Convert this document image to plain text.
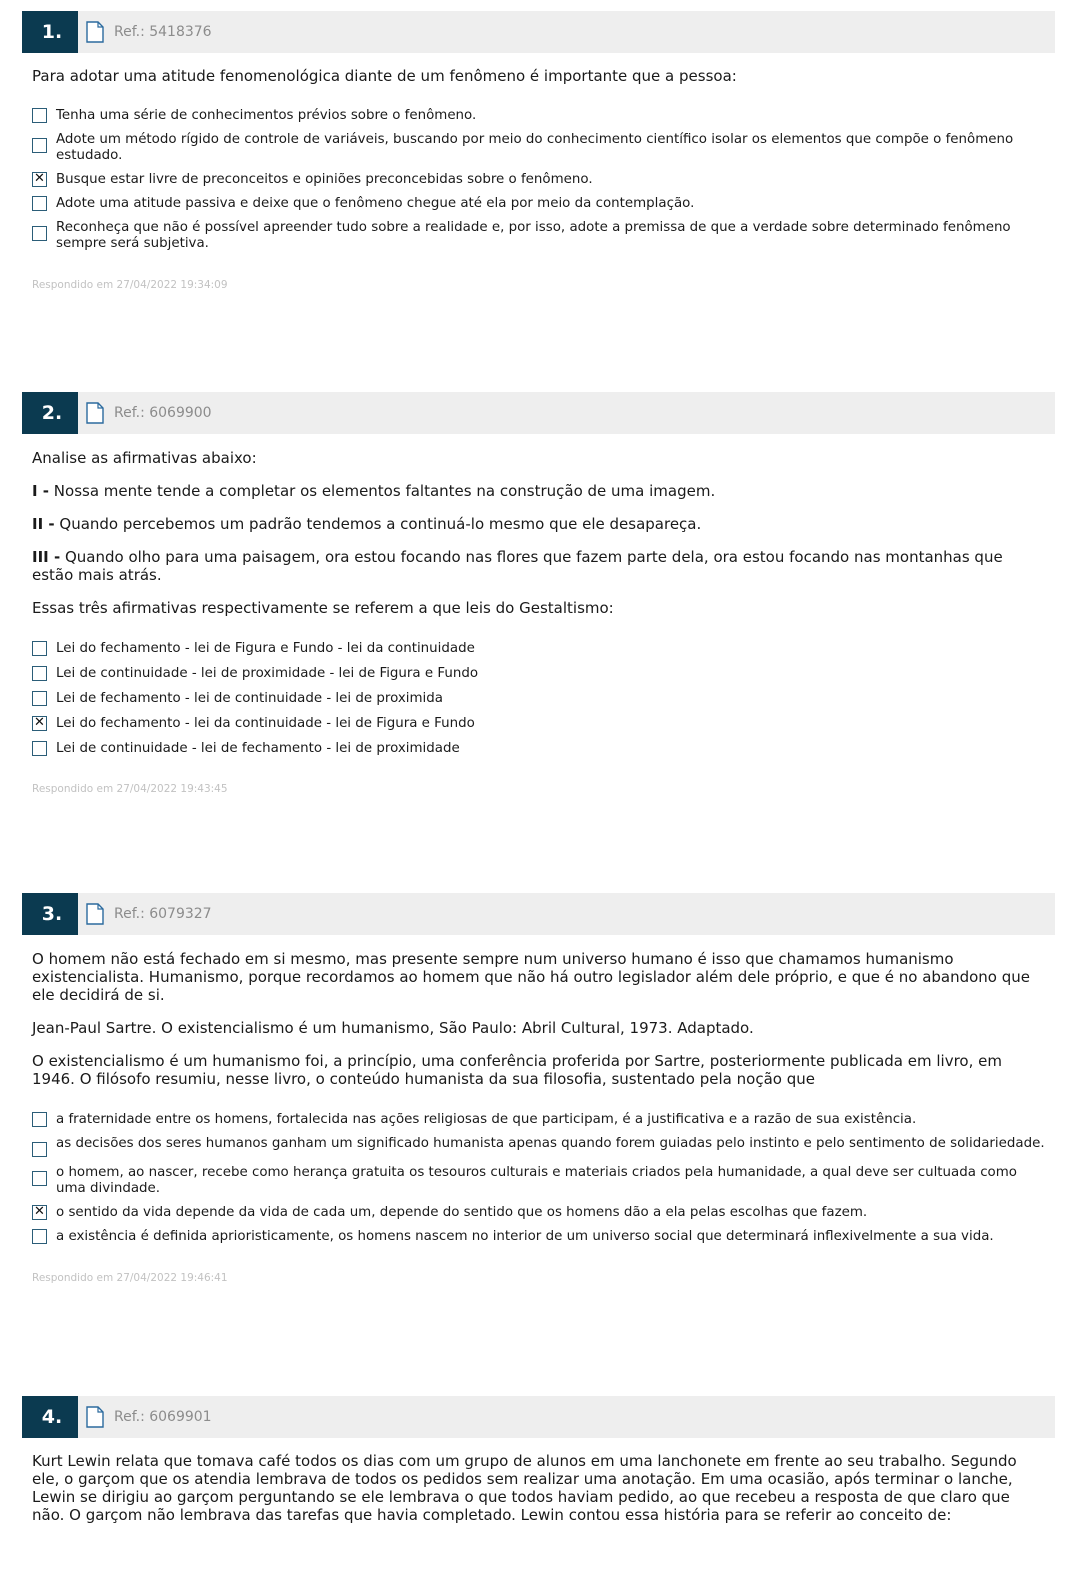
1.	Ref.: 5418376

Para adotar uma atitude fenomenológica diante de um fenômeno é importante que a pessoa:

Tenha uma série de conhecimentos prévios sobre o fenômeno.
Adote um método rígido de controle de variáveis, buscando por meio do conhecimento científico isolar os elementos que compõe o fenômeno estudado.
✕
Busque estar livre de preconceitos e opiniões preconcebidas sobre o fenômeno.
Adote uma atitude passiva e deixe que o fenômeno chegue até ela por meio da contemplação.
Reconheça que não é possível apreender tudo sobre a realidade e, por isso, adote a premissa de que a verdade sobre determinado fenômeno sempre será subjetiva.
Respondido em 27/04/2022 19:34:09
2.	Ref.: 6069900

Analise as afirmativas abaixo:

I - Nossa mente tende a completar os elementos faltantes na construção de uma imagem.

II - Quando percebemos um padrão tendemos a continuá-lo mesmo que ele desapareça.

III - Quando olho para uma paisagem, ora estou focando nas flores que fazem parte dela, ora estou focando nas montanhas que estão mais atrás.

Essas três afirmativas respectivamente se referem a que leis do Gestaltismo:

Lei do fechamento - lei de Figura e Fundo - lei da continuidade
Lei de continuidade - lei de proximidade - lei de Figura e Fundo
Lei de fechamento - lei de continuidade - lei de proximida
✕
Lei do fechamento - lei da continuidade - lei de Figura e Fundo
Lei de continuidade - lei de fechamento - lei de proximidade
Respondido em 27/04/2022 19:43:45
3.	Ref.: 6079327

O homem não está fechado em si mesmo, mas presente sempre num universo humano é isso que chamamos humanismo existencialista. Humanismo, porque recordamos ao homem que não há outro legislador além dele próprio, e que é no abandono que ele decidirá de si.

Jean-Paul Sartre. O existencialismo é um humanismo, São Paulo: Abril Cultural, 1973. Adaptado.

O existencialismo é um humanismo foi, a princípio, uma conferência proferida por Sartre, posteriormente publicada em livro, em 1946. O filósofo resumiu, nesse livro, o conteúdo humanista da sua filosofia, sustentado pela noção que

a fraternidade entre os homens, fortalecida nas ações religiosas de que participam, é a justificativa e a razão de sua existência.
as decisões dos seres humanos ganham um significado humanista apenas quando forem guiadas pelo instinto e pelo sentimento de solidariedade.
o homem, ao nascer, recebe como herança gratuita os tesouros culturais e materiais criados pela humanidade, a qual deve ser cultuada como uma divindade.
✕
o sentido da vida depende da vida de cada um, depende do sentido que os homens dão a ela pelas escolhas que fazem.
a existência é definida aprioristicamente, os homens nascem no interior de um universo social que determinará inflexivelmente a sua vida.
Respondido em 27/04/2022 19:46:41
4.	Ref.: 6069901

Kurt Lewin relata que tomava café todos os dias com um grupo de alunos em uma lanchonete em frente ao seu trabalho. Segundo ele, o garçom que os atendia lembrava de todos os pedidos sem realizar uma anotação. Em uma ocasião, após terminar o lanche, Lewin se dirigiu ao garçom perguntando se ele lembrava o que todos haviam pedido, ao que recebeu a resposta de que claro que não. O garçom não lembrava das tarefas que havia completado. Lewin contou essa história para se referir ao conceito de:
